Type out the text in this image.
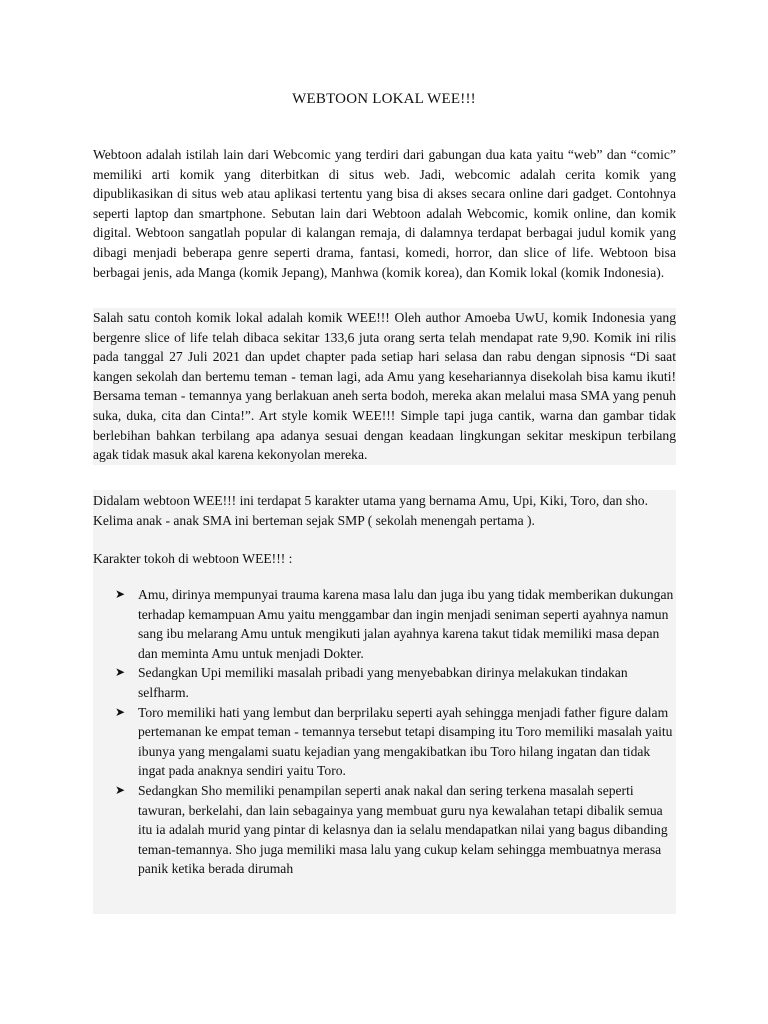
WEBTOON LOKAL WEE!!!

Webtoon adalah istilah lain dari Webcomic yang terdiri dari gabungan dua kata yaitu “web” dan “comic” memiliki arti komik yang diterbitkan di situs web. Jadi, webcomic adalah cerita komik yang dipublikasikan di situs web atau aplikasi tertentu yang bisa di akses secara online dari gadget. Contohnya seperti laptop dan smartphone. Sebutan lain dari Webtoon adalah Webcomic, komik online, dan komik digital. Webtoon sangatlah popular di kalangan remaja, di dalamnya terdapat berbagai judul komik yang dibagi menjadi beberapa genre seperti drama, fantasi, komedi, horror, dan slice of life. Webtoon bisa berbagai jenis, ada Manga (komik Jepang), Manhwa (komik korea), dan Komik lokal (komik Indonesia).

Salah satu contoh komik lokal adalah komik WEE!!! Oleh author Amoeba UwU, komik Indonesia yang bergenre slice of life telah dibaca sekitar 133,6 juta orang serta telah mendapat rate 9,90. Komik ini rilis pada tanggal 27 Juli 2021 dan updet chapter pada setiap hari selasa dan rabu dengan sipnosis “Di saat kangen sekolah dan bertemu teman - teman lagi, ada Amu yang kesehariannya disekolah bisa kamu ikuti! Bersama teman - temannya yang berlakuan aneh serta bodoh, mereka akan melalui masa SMA yang penuh suka, duka, cita dan Cinta!”. Art style komik WEE!!! Simple tapi juga cantik, warna dan gambar tidak berlebihan bahkan terbilang apa adanya sesuai dengan keadaan lingkungan sekitar meskipun terbilang agak tidak masuk akal karena kekonyolan mereka.

Didalam webtoon WEE!!! ini terdapat 5 karakter utama yang bernama Amu, Upi, Kiki, Toro, dan sho. Kelima anak - anak SMA ini berteman sejak SMP ( sekolah menengah pertama ).

Karakter tokoh di webtoon WEE!!! :

➤ Amu, dirinya mempunyai trauma karena masa lalu dan juga ibu yang tidak memberikan dukungan terhadap kemampuan Amu yaitu menggambar dan ingin menjadi seniman seperti ayahnya namun sang ibu melarang Amu untuk mengikuti jalan ayahnya karena takut tidak memiliki masa depan dan meminta Amu untuk menjadi Dokter.
➤ Sedangkan Upi memiliki masalah pribadi yang menyebabkan dirinya melakukan tindakan selfharm.
➤ Toro memiliki hati yang lembut dan berprilaku seperti ayah sehingga menjadi father figure dalam pertemanan ke empat teman - temannya tersebut tetapi disamping itu Toro memiliki masalah yaitu ibunya yang mengalami suatu kejadian yang mengakibatkan ibu Toro hilang ingatan dan tidak ingat pada anaknya sendiri yaitu Toro.
➤ Sedangkan Sho memiliki penampilan seperti anak nakal dan sering terkena masalah seperti tawuran, berkelahi, dan lain sebagainya yang membuat guru nya kewalahan tetapi dibalik semua itu ia adalah murid yang pintar di kelasnya dan ia selalu mendapatkan nilai yang bagus dibanding teman-temannya. Sho juga memiliki masa lalu yang cukup kelam sehingga membuatnya merasa panik ketika berada dirumah
